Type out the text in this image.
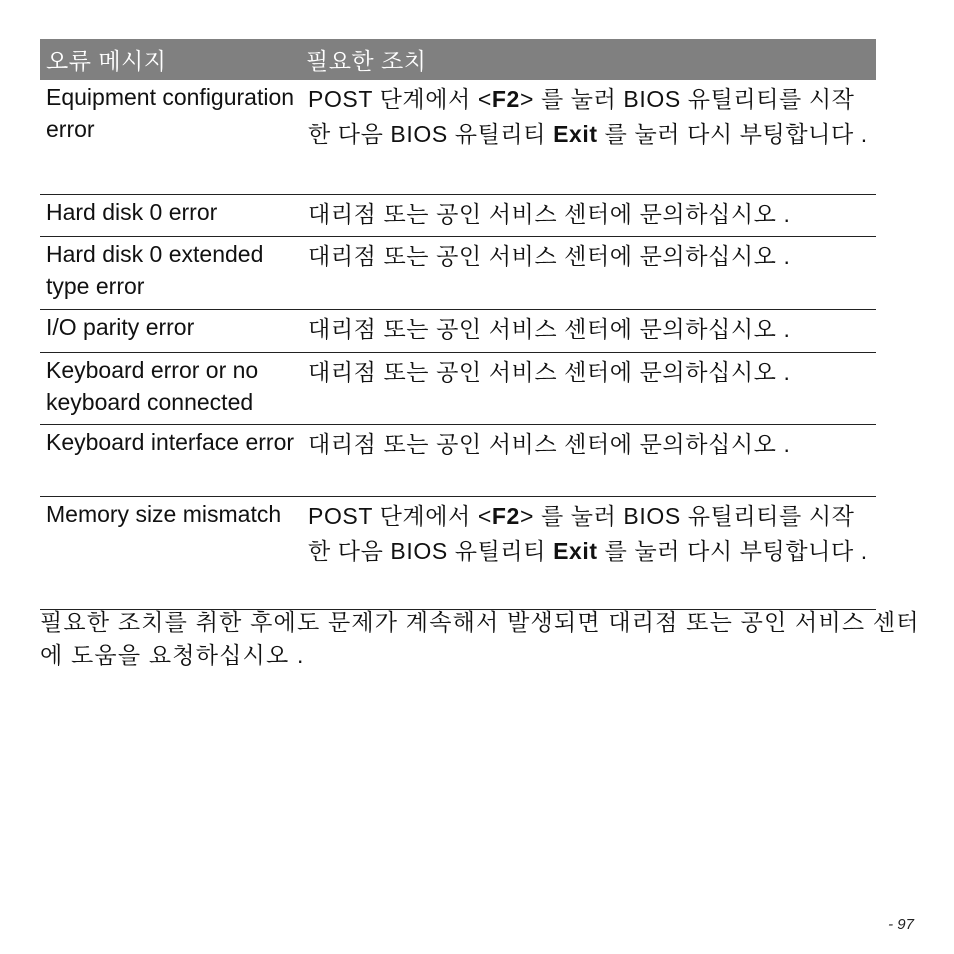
오류 메시지	필요한 조치
Equipment configuration error	POST 단계에서 <F2> 를 눌러 BIOS 유틸리티를 시작한 다음 BIOS 유틸리티 Exit 를 눌러 다시 부팅합니다 .
Hard disk 0 error	대리점 또는 공인 서비스 센터에 문의하십시오 .
Hard disk 0 extended type error	대리점 또는 공인 서비스 센터에 문의하십시오 .
I/O parity error	대리점 또는 공인 서비스 센터에 문의하십시오 .
Keyboard error or no keyboard connected	대리점 또는 공인 서비스 센터에 문의하십시오 .
Keyboard interface error	대리점 또는 공인 서비스 센터에 문의하십시오 .
Memory size mismatch	POST 단계에서 <F2> 를 눌러 BIOS 유틸리티를 시작한 다음 BIOS 유틸리티 Exit 를 눌러 다시 부팅합니다 .

필요한 조치를 취한 후에도 문제가 계속해서 발생되면 대리점 또는 공인 서비스 센터에 도움을 요청하십시오 .

- 97
